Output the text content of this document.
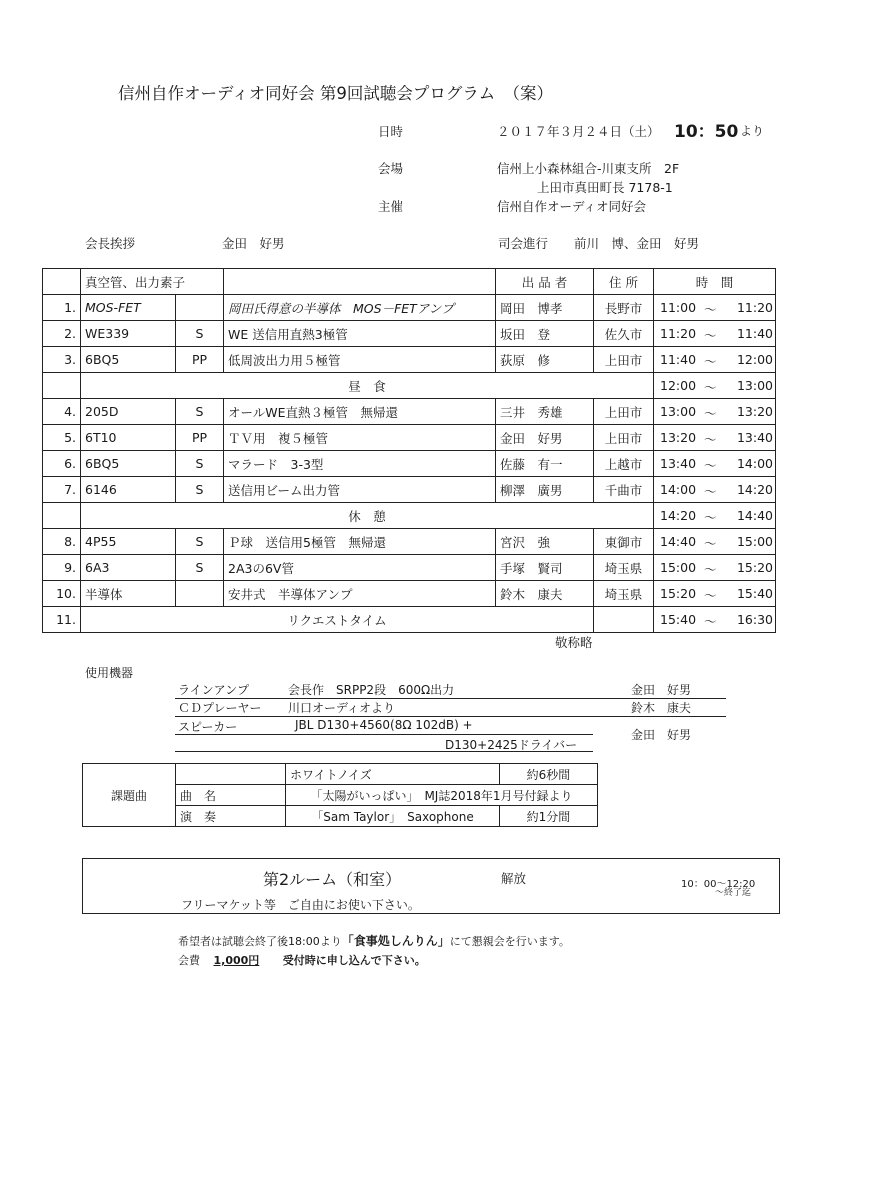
信州自作オーディオ同好会 第9回試聴会プログラム　（案）
日時	２０１７年３月２４日（土） 10：50 より
会場	信州上小森林組合-川東支所　2F
上田市真田町長 7178-1
主催	信州自作オーディオ同好会
会長挨拶	金田　好男	司会進行 前川　博、金田　好男
	真空管、出力素子			出 品 者	住 所	時　間
1.	MOS-FET		岡田氏得意の半導体　MOS－FETアンプ	岡田　博孝	長野市	11:00 ～ 11:20

2.	WE339	S	WE 送信用直熱3極管	坂田　登	佐久市	11:20 ～ 11:40

3.	6BQ5	PP	低周波出力用５極管	荻原　修	上田市	11:40 ～ 12:00

	昼　食					12:00 ～ 13:00

4.	205D	S	オールWE直熱３極管　無帰還	三井　秀雄	上田市	13:00 ～ 13:20

5.	6T10	PP	ＴＶ用　複５極管	金田　好男	上田市	13:20 ～ 13:40

6.	6BQ5	S	マラード　3-3型	佐藤　有一	上越市	13:40 ～ 14:00

7.	6146	S	送信用ビーム出力管	柳澤　廣男	千曲市	14:00 ～ 14:20

	休　憩					14:20 ～ 14:40

8.	4P55	S	Ｐ球　送信用5極管　無帰還	宮沢　強	東御市	14:40 ～ 15:00

9.	6A3	S	2A3の6V管	手塚　賢司	埼玉県	15:00 ～ 15:20

10.	半導体		安井式　半導体アンプ	鈴木　康夫	埼玉県	15:20 ～ 15:40

11.	リクエストタイム					15:40 ～ 16:30
敬称略
使用機器
ラインアンプ	会長作　SRPP2段　600Ω出力	金田　好男
ＣＤプレーヤー 川口オーディオより	鈴木　康夫
スピーカー	JBL D130+4560(8Ω 102dB) +
D130+2425ドライバー
金田　好男
課題曲		ホワイトノイズ	約6秒間
	曲　名	「太陽がいっぱい」　MJ誌2018年1月号付録より	
	演　奏	「Sam Taylor」　Saxophone	約1分間
第2ルーム（和室）	解放	10：00～12:20
～終了迄
フリーマケット等　ご自由にお使い下さい。
希望者は試聴会終了後18:00より「食事処しんりん」にて懇親会を行います。
会費 1,000円 受付時に申し込んで下さい。
